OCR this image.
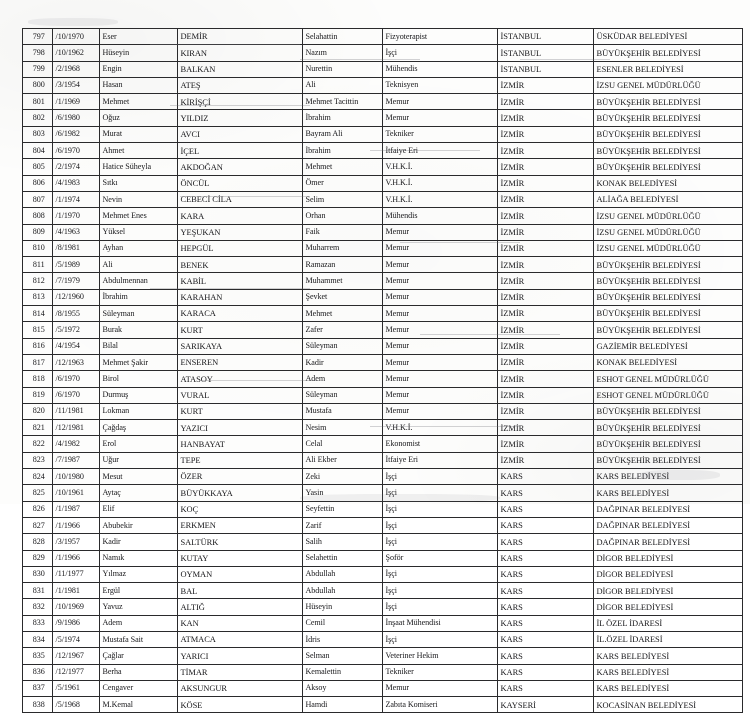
797	/10/1970	Eser	DEMİR	Selahattin	Fizyoterapist	İSTANBUL	ÜSKÜDAR BELEDİYESİ
798	/10/1962	Hüseyin	KIRAN	Nazım	İşçi	İSTANBUL	BÜYÜKŞEHİR BELEDİYESİ
799	/2/1968	Engin	BALKAN	Nurettin	Mühendis	İSTANBUL	ESENLER BELEDİYESİ
800	/3/1954	Hasan	ATEŞ	Ali	Teknisyen	İZMİR	İZSU GENEL MÜDÜRLÜĞÜ
801	/1/1969	Mehmet	KİRİŞÇİ	Mehmet Tacittin	Memur	İZMİR	BÜYÜKŞEHİR BELEDİYESİ
802	/6/1980	Oğuz	YILDIZ	İbrahim	Memur	İZMİR	BÜYÜKŞEHİR BELEDİYESİ
803	/6/1982	Murat	AVCI	Bayram Ali	Tekniker	İZMİR	BÜYÜKŞEHİR BELEDİYESİ
804	/6/1970	Ahmet	İÇEL	İbrahim	İtfaiye Eri	İZMİR	BÜYÜKŞEHİR BELEDİYESİ
805	/2/1974	Hatice Süheyla	AKDOĞAN	Mehmet	V.H.K.İ.	İZMİR	BÜYÜKŞEHİR BELEDİYESİ
806	/4/1983	Sıtkı	ÖNCÜL	Ömer	V.H.K.İ.	İZMİR	KONAK BELEDİYESİ
807	/1/1974	Nevin	CEBECİ CİLA	Selim	V.H.K.İ.	İZMİR	ALİAĞA BELEDİYESİ
808	/1/1970	Mehmet Enes	KARA	Orhan	Mühendis	İZMİR	İZSU GENEL MÜDÜRLÜĞÜ
809	/4/1963	Yüksel	YEŞUKAN	Faik	Memur	İZMİR	İZSU GENEL MÜDÜRLÜĞÜ
810	/8/1981	Ayhan	HEPGÜL	Muharrem	Memur	İZMİR	İZSU GENEL MÜDÜRLÜĞÜ
811	/5/1989	Ali	BENEK	Ramazan	Memur	İZMİR	BÜYÜKŞEHİR BELEDİYESİ
812	/7/1979	Abdulmennan	KABİL	Muhammet	Memur	İZMİR	BÜYÜKŞEHİR BELEDİYESİ
813	/12/1960	İbrahim	KARAHAN	Şevket	Memur	İZMİR	BÜYÜKŞEHİR BELEDİYESİ
814	/8/1955	Süleyman	KARACA	Mehmet	Memur	İZMİR	BÜYÜKŞEHİR BELEDİYESİ
815	/5/1972	Burak	KURT	Zafer	Memur	İZMİR	BÜYÜKŞEHİR BELEDİYESİ
816	/4/1954	Bilal	SARIKAYA	Süleyman	Memur	İZMİR	GAZİEMİR BELEDİYESİ
817	/12/1963	Mehmet Şakir	ENSEREN	Kadir	Memur	İZMİR	KONAK BELEDİYESİ
818	/6/1970	Birol	ATASOY	Adem	Memur	İZMİR	ESHOT GENEL MÜDÜRLÜĞÜ
819	/6/1970	Durmuş	VURAL	Süleyman	Memur	İZMİR	ESHOT GENEL MÜDÜRLÜĞÜ
820	/11/1981	Lokman	KURT	Mustafa	Memur	İZMİR	BÜYÜKŞEHİR BELEDİYESİ
821	/12/1981	Çağdaş	YAZICI	Nesim	V.H.K.İ.	İZMİR	BÜYÜKŞEHİR BELEDİYESİ
822	/4/1982	Erol	HANBAYAT	Celal	Ekonomist	İZMİR	BÜYÜKŞEHİR BELEDİYESİ
823	/7/1987	Uğur	TEPE	Ali Ekber	İtfaiye Eri	İZMİR	BÜYÜKŞEHİR BELEDİYESİ
824	/10/1980	Mesut	ÖZER	Zeki	İşçi	KARS	KARS BELEDİYESİ
825	/10/1961	Aytaç	BÜYÜKKAYA	Yasin	İşçi	KARS	KARS BELEDİYESİ
826	/1/1987	Elif	KOÇ	Seyfettin	İşçi	KARS	DAĞPINAR BELEDİYESİ
827	/1/1966	Abubekir	ERKMEN	Zarif	İşçi	KARS	DAĞPINAR BELEDİYESİ
828	/3/1957	Kadir	SALTÜRK	Salih	İşçi	KARS	DAĞPINAR BELEDİYESİ
829	/1/1966	Namık	KUTAY	Selahettin	Şoför	KARS	DİGOR BELEDİYESİ
830	/11/1977	Yılmaz	OYMAN	Abdullah	İşçi	KARS	DİGOR BELEDİYESİ
831	/1/1981	Ergül	BAL	Abdullah	İşçi	KARS	DİGOR BELEDİYESİ
832	/10/1969	Yavuz	ALTIĞ	Hüseyin	İşçi	KARS	DİGOR BELEDİYESİ
833	/9/1986	Adem	KAN	Cemil	İnşaat Mühendisi	KARS	İL ÖZEL İDARESİ
834	/5/1974	Mustafa Sait	ATMACA	İdris	İşçi	KARS	İL.ÖZEL İDARESİ
835	/12/1967	Çağlar	YARICI	Selman	Veteriner Hekim	KARS	KARS BELEDİYESİ
836	/12/1977	Berha	TİMAR	Kemalettin	Tekniker	KARS	KARS BELEDİYESİ
837	/5/1961	Cengaver	AKSUNGUR	Aksoy	Memur	KARS	KARS BELEDİYESİ
838	/5/1968	M.Kemal	KÖSE	Hamdi	Zabıta Komiseri	KAYSERİ	KOCASİNAN BELEDİYESİ
